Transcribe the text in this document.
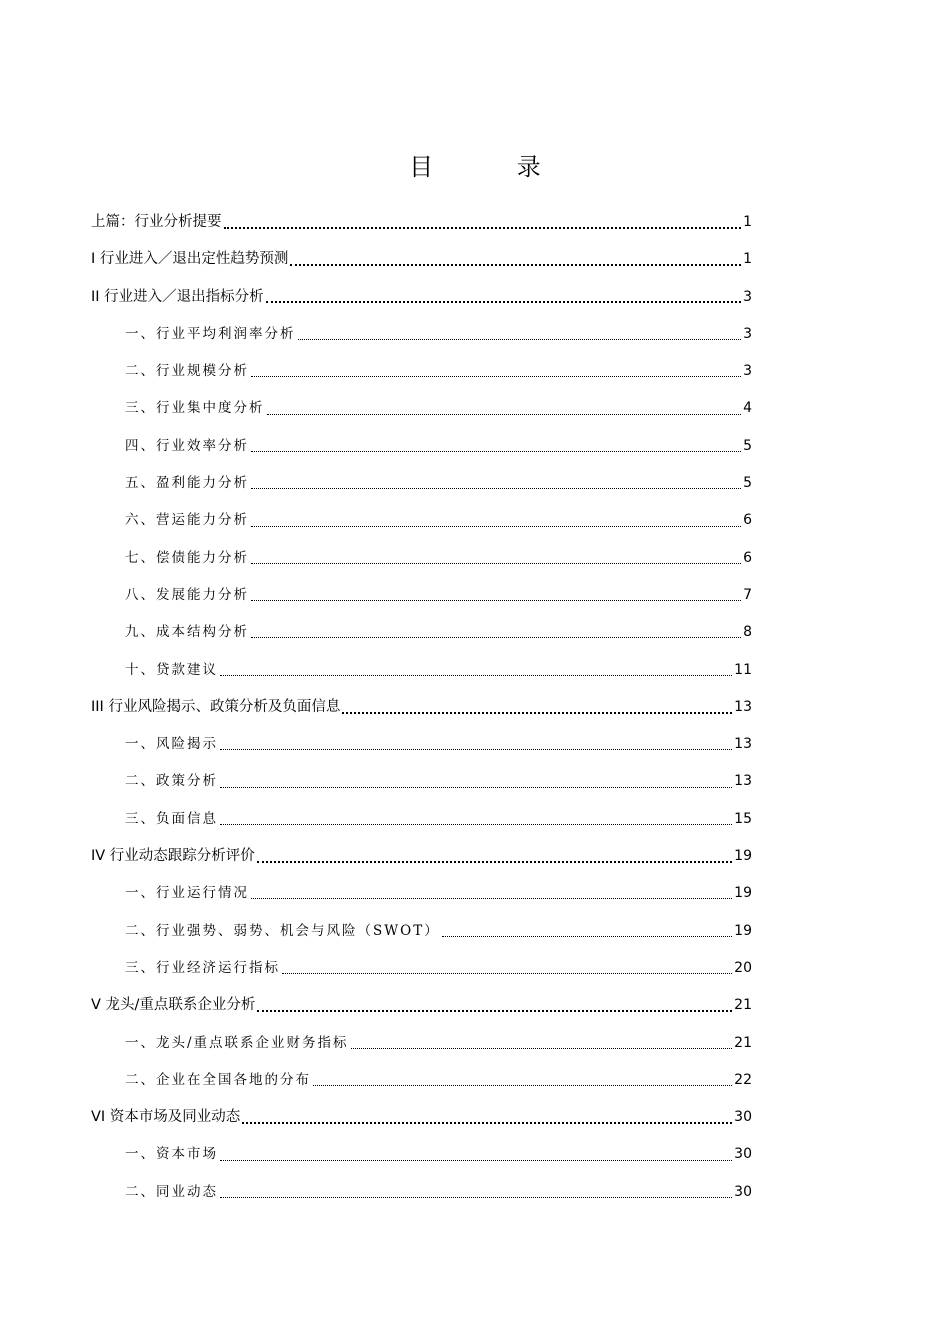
目 录
上篇：行业分析提要	1
I 行业进入／退出定性趋势预测	1
II 行业进入／退出指标分析	3
一、行业平均利润率分析	3
二、行业规模分析	3
三、行业集中度分析	4
四、行业效率分析	5
五、盈利能力分析	5
六、营运能力分析	6
七、偿债能力分析	6
八、发展能力分析	7
九、成本结构分析	8
十、贷款建议	11
III 行业风险揭示、政策分析及负面信息	13
一、风险揭示	13
二、政策分析	13
三、负面信息	15
IV 行业动态跟踪分析评价	19
一、行业运行情况	19
二、行业强势、弱势、机会与风险（SWOT）	19
三、行业经济运行指标	20
V 龙头/重点联系企业分析	21
一、龙头/重点联系企业财务指标	21
二、企业在全国各地的分布	22
VI 资本市场及同业动态	30
一、资本市场	30
二、同业动态	30
